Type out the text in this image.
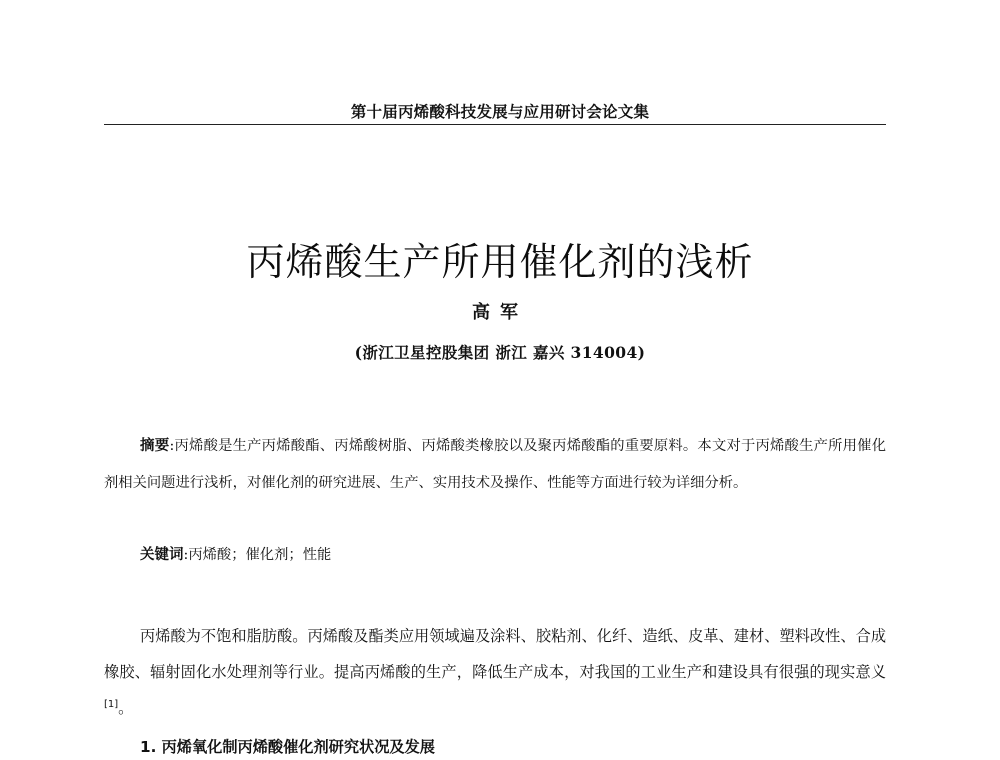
第十届丙烯酸科技发展与应用研讨会论文集
丙烯酸生产所用催化剂的浅析
高军
(浙江卫星控股集团 浙江 嘉兴 314004)

摘要:丙烯酸是生产丙烯酸酯、丙烯酸树脂、丙烯酸类橡胶以及聚丙烯酸酯的重要原料。本文对于丙烯酸生产所用催化剂相关问题进行浅析，对催化剂的研究进展、生产、实用技术及操作、性能等方面进行较为详细分析。

关键词:丙烯酸；催化剂；性能

丙烯酸为不饱和脂肪酸。丙烯酸及酯类应用领域遍及涂料、胶粘剂、化纤、造纸、皮革、建材、塑料改性、合成橡胶、辐射固化水处理剂等行业。提高丙烯酸的生产，降低生产成本，对我国的工业生产和建设具有很强的现实意义[1]。

1. 丙烯氧化制丙烯酸催化剂研究状况及发展
